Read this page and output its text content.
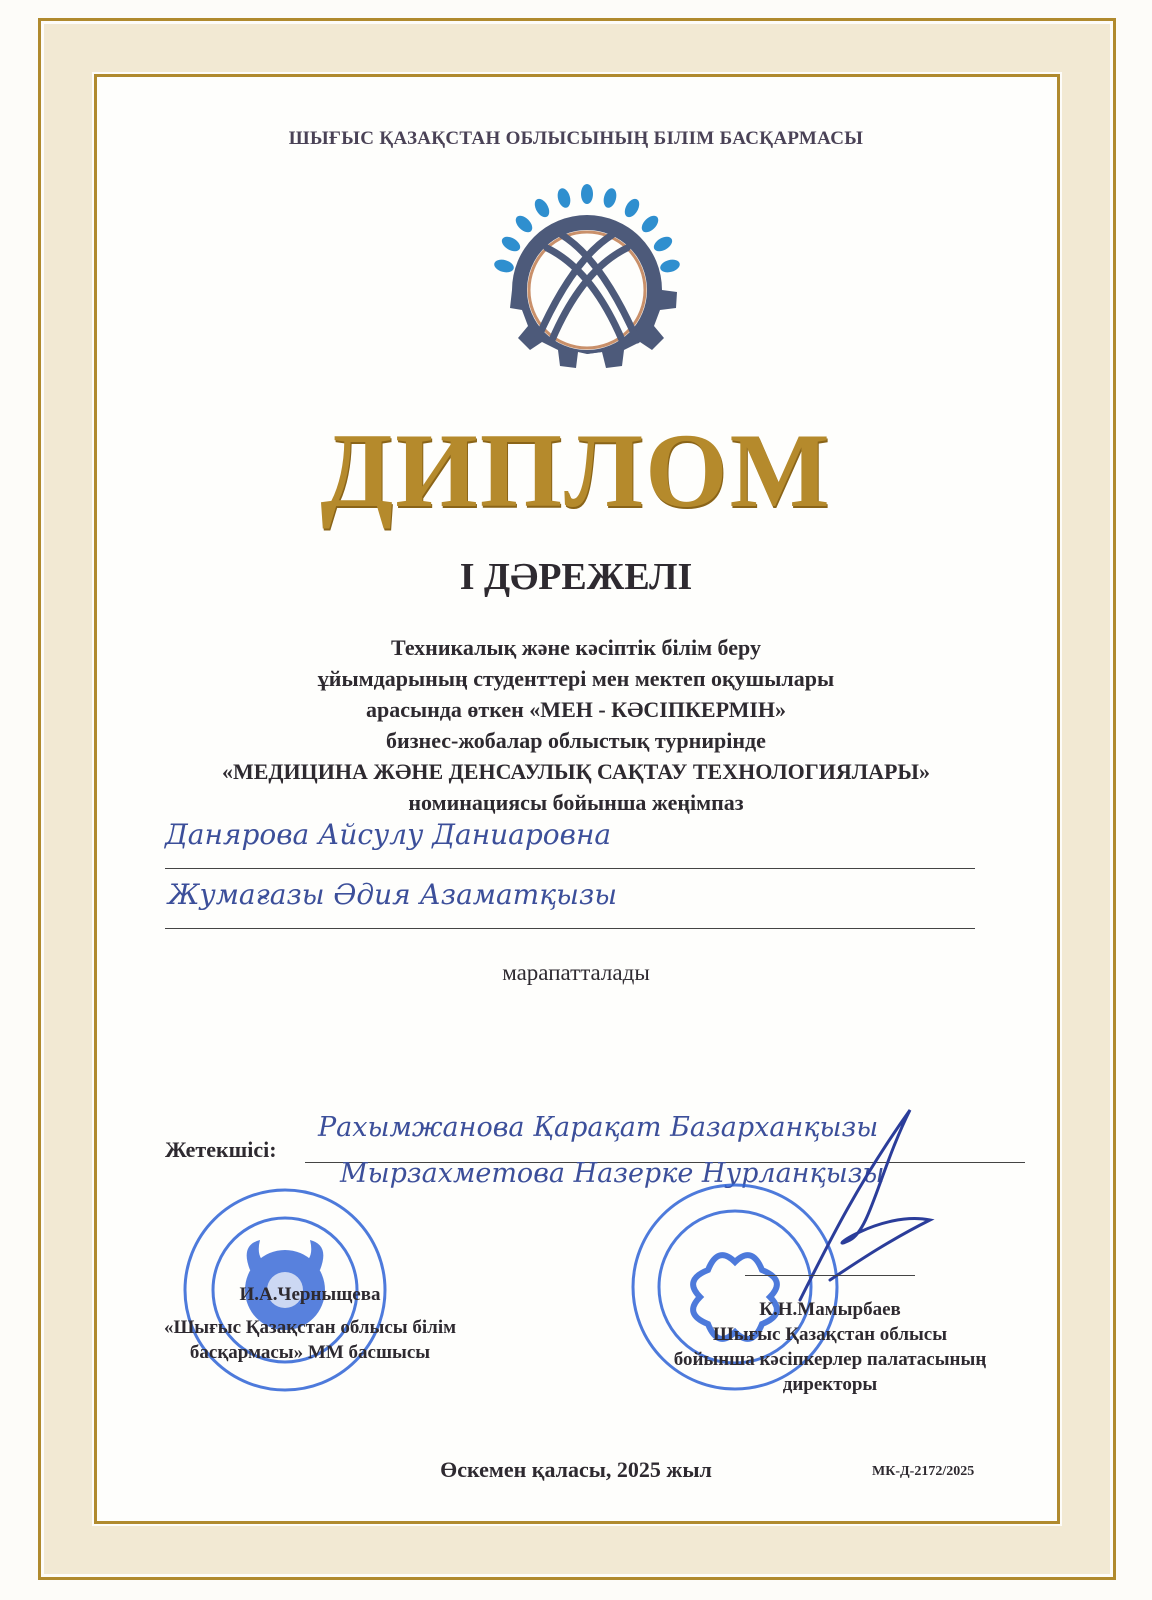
ШЫҒЫС ҚАЗАҚСТАН ОБЛЫСЫНЫҢ БІЛІМ БАСҚАРМАСЫ
ДИПЛОМ
І ДӘРЕЖЕЛІ
Техникалық және кәсіптік білім беру
ұйымдарының студенттері мен мектеп оқушылары
арасында өткен «МЕН - КӘСІПКЕРМІН»
бизнес-жобалар облыстық турнирінде
«МЕДИЦИНА ЖӘНЕ ДЕНСАУЛЫҚ САҚТАУ ТЕХНОЛОГИЯЛАРЫ»
номинациясы бойынша жеңімпаз
Данярова Айсулу Даниаровна
Жумағазы Әдия Азаматқызы
марапатталады
Жетекшісі:
Рахымжанова Қарақат Базарханқызы
Мырзахметова Назерке Нурланқызы
И.А.Черныщева
«Шығыс Қазақстан облысы білім
басқармасы» ММ басшысы
К.Н.Мамырбаев
Шығыс Қазақстан облысы
бойынша кәсіпкерлер палатасының
директоры
Өскемен қаласы, 2025 жыл	МК-Д-2172/2025
